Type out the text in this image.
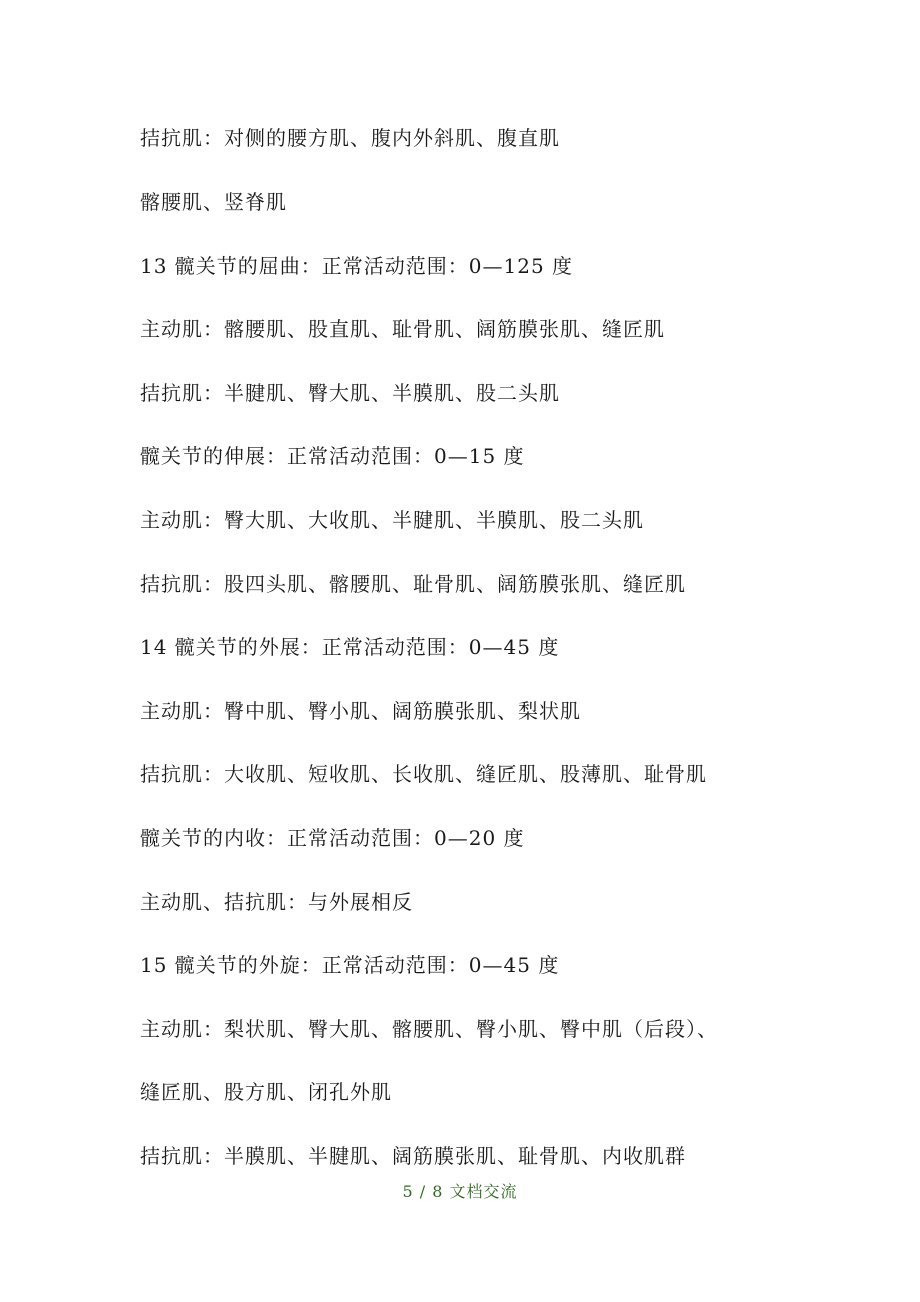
拮抗肌：对侧的腰方肌、腹内外斜肌、腹直肌
髂腰肌、竖脊肌
13 髋关节的屈曲：正常活动范围：0—125 度
主动肌：髂腰肌、股直肌、耻骨肌、阔筋膜张肌、缝匠肌
拮抗肌：半腱肌、臀大肌、半膜肌、股二头肌
髋关节的伸展：正常活动范围：0—15 度
主动肌：臀大肌、大收肌、半腱肌、半膜肌、股二头肌
拮抗肌：股四头肌、髂腰肌、耻骨肌、阔筋膜张肌、缝匠肌
14 髋关节的外展：正常活动范围：0—45 度
主动肌：臀中肌、臀小肌、阔筋膜张肌、梨状肌
拮抗肌：大收肌、短收肌、长收肌、缝匠肌、股薄肌、耻骨肌
髋关节的内收：正常活动范围：0—20 度
主动肌、拮抗肌：与外展相反
15 髋关节的外旋：正常活动范围：0—45 度
主动肌：梨状肌、臀大肌、髂腰肌、臀小肌、臀中肌（后段）、
缝匠肌、股方肌、闭孔外肌
拮抗肌：半膜肌、半腱肌、阔筋膜张肌、耻骨肌、内收肌群
5 / 8 文档交流
